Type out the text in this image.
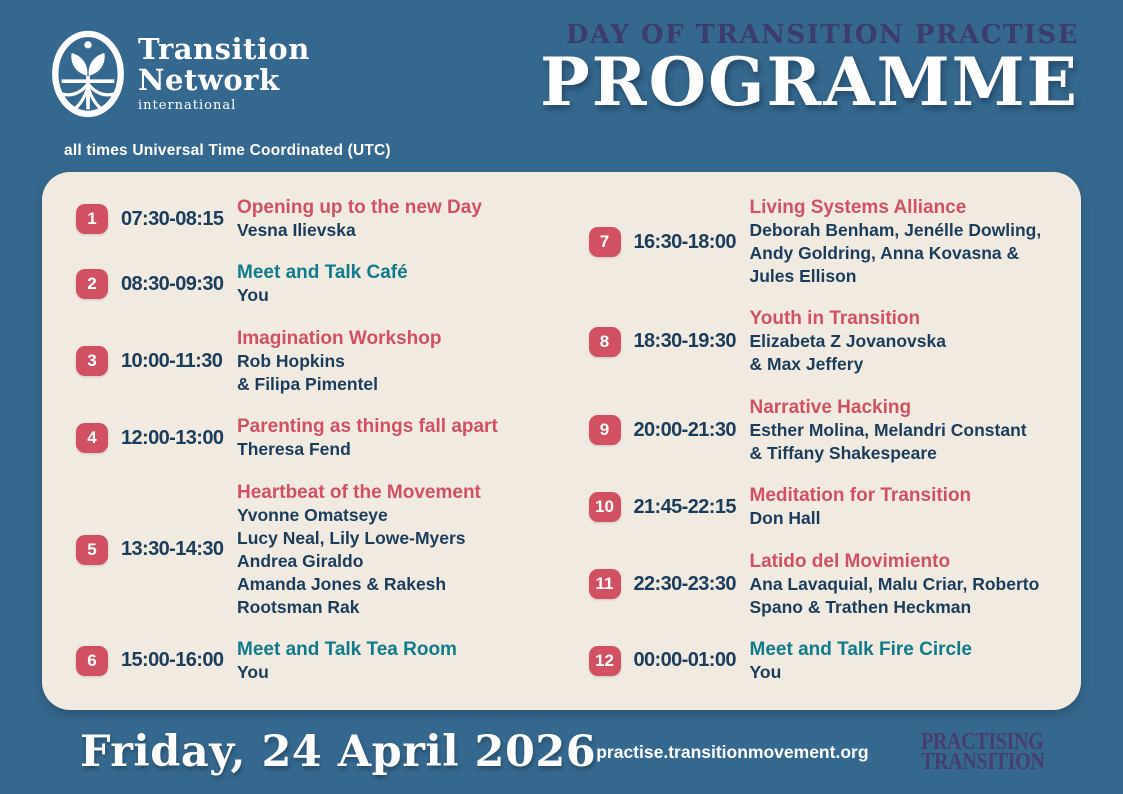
Transition
Network
international
DAY OF TRANSITION PRACTISE
PROGRAMME
all times Universal Time Coordinated (UTC)
1	07:30-08:15 Opening up to the new Day
Vesna Ilievska
2	08:30-09:30 Meet and Talk Café
You
3	10:00-11:30
Imagination Workshop
Rob Hopkins
& Filipa Pimentel
4	12:00-13:00 Parenting as things fall apart
Theresa Fend
5	13:30-14:30
Heartbeat of the Movement
Yvonne Omatseye
Lucy Neal, Lily Lowe-Myers
Andrea Giraldo
Amanda Jones & Rakesh
Rootsman Rak
6	15:00-16:00 Meet and Talk Tea Room
You
7	16:30-18:00
Living Systems Alliance
Deborah Benham, Jenélle Dowling,
Andy Goldring, Anna Kovasna &
Jules Ellison
8	18:30-19:30
Youth in Transition
Elizabeta Z Jovanovska
& Max Jeffery
9	20:00-21:30
Narrative Hacking
Esther Molina, Melandri Constant
& Tiffany Shakespeare
10 21:45-22:15 Meditation for Transition
Don Hall
11	22:30-23:30
Latido del Movimiento
Ana Lavaquial, Malu Criar, Roberto
Spano & Trathen Heckman
12 00:00-01:00 Meet and Talk Fire Circle
You
Friday, 24 April 2026 practise.transitionmovement.org PRACTISING
TRANSITION
